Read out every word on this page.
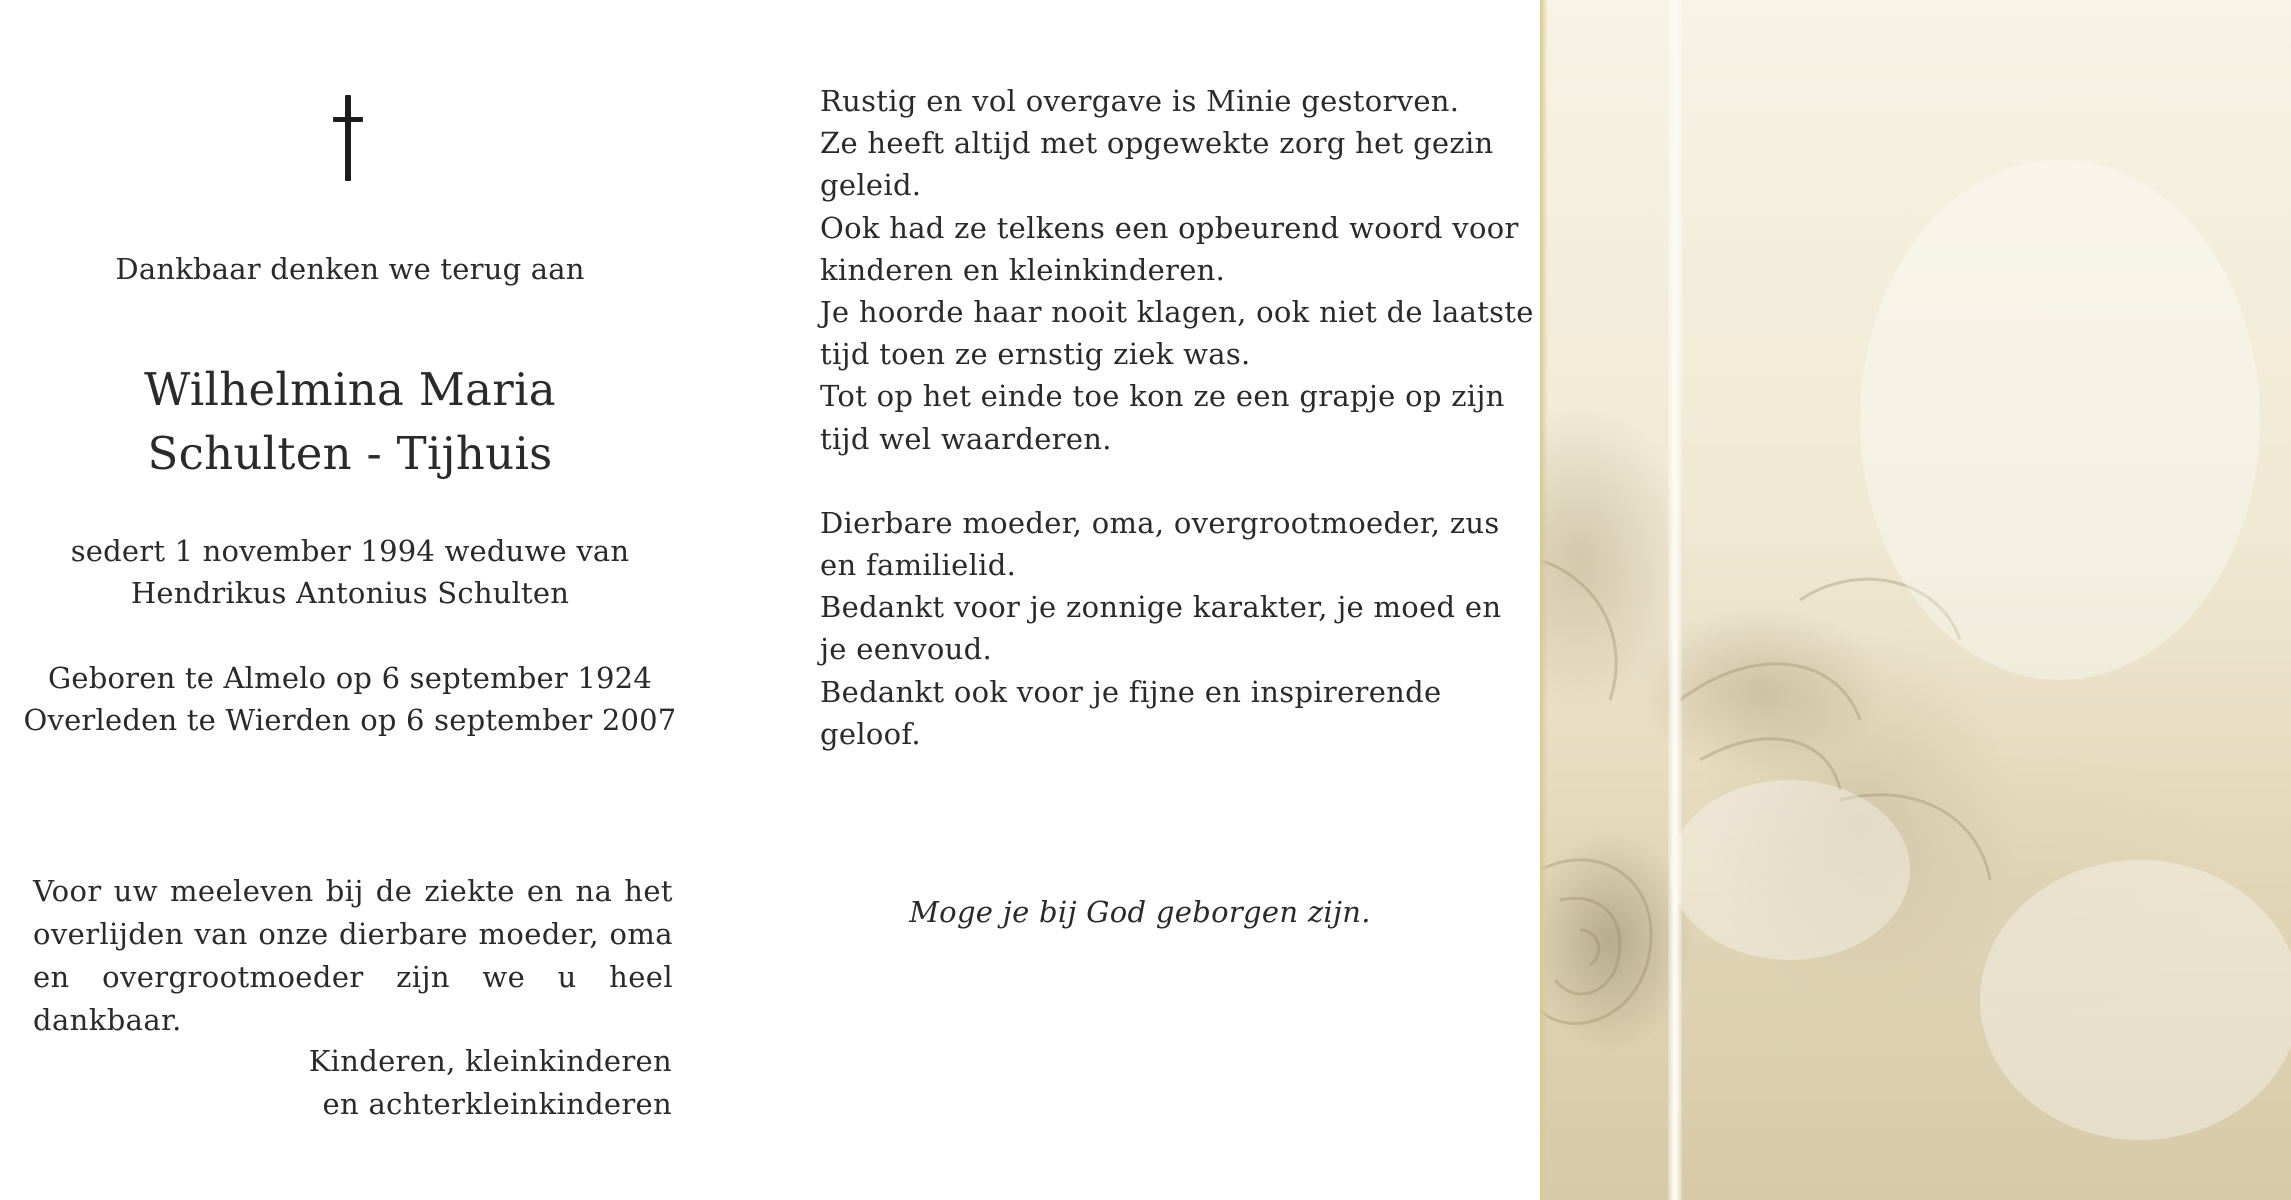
Dankbaar denken we terug aan
Wilhelmina Maria
Schulten - Tijhuis
sedert 1 november 1994 weduwe van
Hendrikus Antonius Schulten
Geboren te Almelo op 6 september 1924
Overleden te Wierden op 6 september 2007
Voor uw meeleven bij de ziekte en na het overlijden van onze dierbare moeder, oma en overgrootmoeder zijn we u heel dankbaar.
Kinderen, kleinkinderen
en achterkleinkinderen
Rustig en vol overgave is Minie gestorven.
Ze heeft altijd met opgewekte zorg het gezin
geleid.
Ook had ze telkens een opbeurend woord voor
kinderen en kleinkinderen.
Je hoorde haar nooit klagen, ook niet de laatste
tijd toen ze ernstig ziek was.
Tot op het einde toe kon ze een grapje op zijn
tijd wel waarderen.
Dierbare moeder, oma, overgrootmoeder, zus
en familielid.
Bedankt voor je zonnige karakter, je moed en
je eenvoud.
Bedankt ook voor je fijne en inspirerende
geloof.
Moge je bij God geborgen zijn.
